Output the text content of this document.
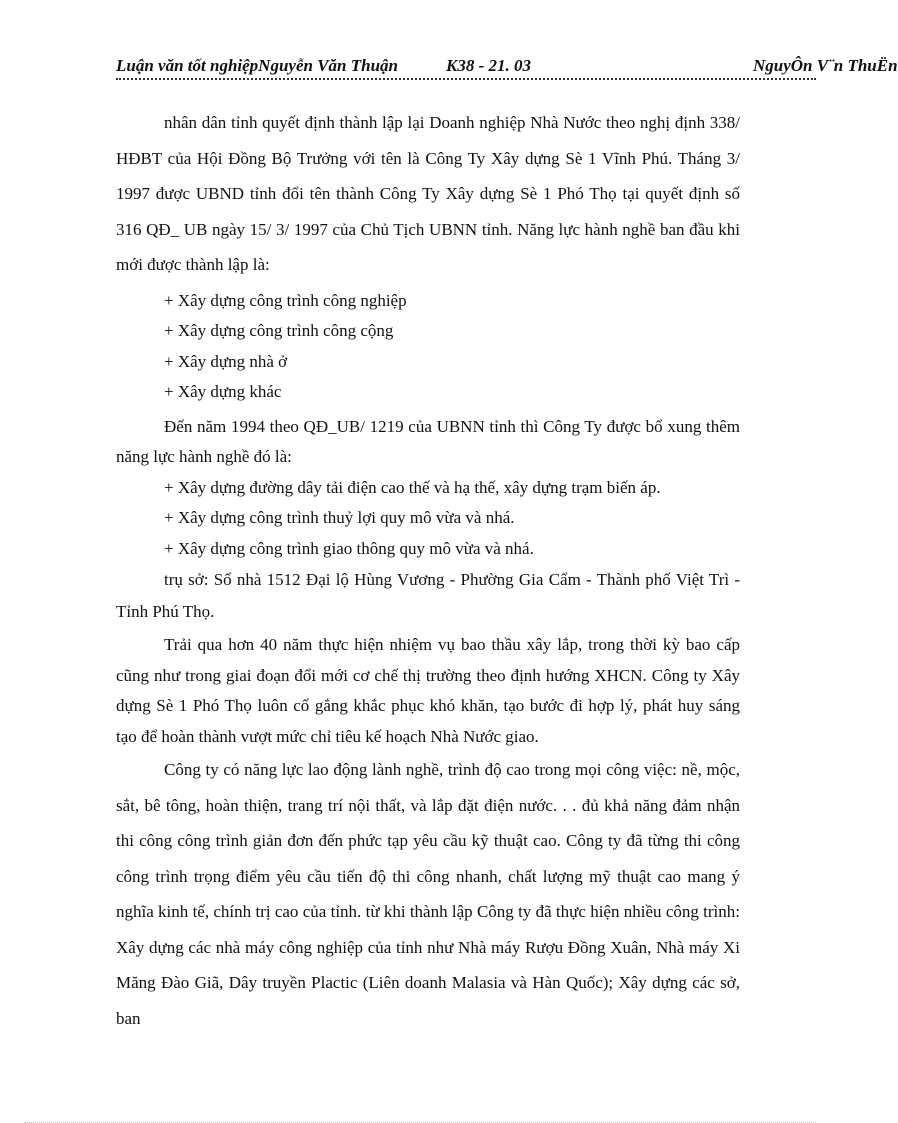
Luận văn tốt nghiệpNguyễn Văn Thuận	K38 - 21. 03	NguyÔn V¨n ThuËn

nhân dân tỉnh quyết định thành lập lại Doanh nghiệp Nhà Nước theo nghị định 338/ HĐBT của Hội Đồng Bộ Trưởng với tên là Công Ty Xây dựng Sè 1 Vĩnh Phú. Tháng 3/ 1997 được UBND tỉnh đổi tên thành Công Ty Xây dựng Sè 1 Phó Thọ tại quyết định số 316 QĐ_ UB ngày 15/ 3/ 1997 của Chủ Tịch UBNN tỉnh. Năng lực hành nghề ban đầu khi mới được thành lập là:

+ Xây dựng công trình công nghiệp

+ Xây dựng công trình công cộng

+ Xây dựng nhà ở

+ Xây dựng khác

Đến năm 1994 theo QĐ_UB/ 1219 của UBNN tỉnh thì Công Ty được bổ xung thêm năng lực hành nghề đó là:

+ Xây dựng đường dây tải điện cao thế và hạ thế, xây dựng trạm biến áp.

+ Xây dựng công trình thuỷ lợi quy mô vừa và nhá.

+ Xây dựng công trình giao thông quy mô vừa và nhá.

trụ sở: Số nhà 1512 Đại lộ Hùng Vương - Phường Gia Cẩm - Thành phố Việt Trì - Tỉnh Phú Thọ.

Trải qua hơn 40 năm thực hiện nhiệm vụ bao thầu xây lắp, trong thời kỳ bao cấp cũng như trong giai đoạn đổi mới cơ chế thị trường theo định hướng XHCN. Công ty Xây dựng Sè 1 Phó Thọ luôn cố gắng khắc phục khó khăn, tạo bước đi hợp lý, phát huy sáng tạo để hoàn thành vượt mức chỉ tiêu kế hoạch Nhà Nước giao.

Công ty có năng lực lao động lành nghề, trình độ cao trong mọi công việc: nề, mộc, sắt, bê tông, hoàn thiện, trang trí nội thất, và lắp đặt điện nước. . . đủ khả năng đảm nhận thi công công trình giản đơn đến phức tạp yêu cầu kỹ thuật cao. Công ty đã từng thi công công trình trọng điểm yêu cầu tiến độ thi công nhanh, chất lượng mỹ thuật cao mang ý nghĩa kinh tế, chính trị cao của tỉnh. từ khi thành lập Công ty đã thực hiện nhiều công trình: Xây dựng các nhà máy công nghiệp của tỉnh như Nhà máy Rượu Đồng Xuân, Nhà máy Xi Măng Đào Giã, Dây truyền Plactic (Liên doanh Malasia và Hàn Quốc); Xây dựng các sở, ban
